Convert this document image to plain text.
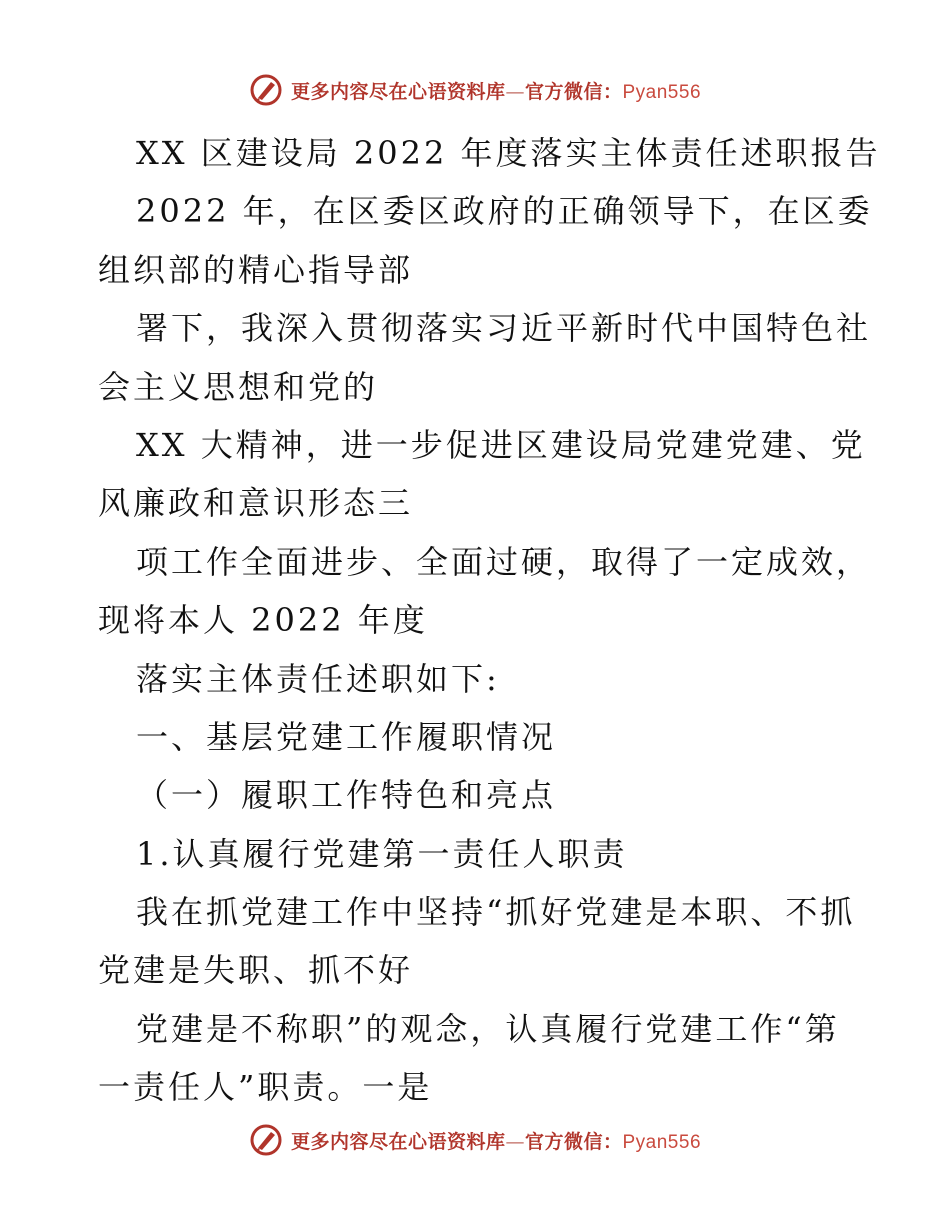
更多内容尽在心语资料库—官方微信：Pyan556
XX 区建设局 2022 年度落实主体责任述职报告
2022 年，在区委区政府的正确领导下，在区委
组织部的精心指导部
署下，我深入贯彻落实习近平新时代中国特色社
会主义思想和党的
XX 大精神，进一步促进区建设局党建党建、党
风廉政和意识形态三
项工作全面进步、全面过硬，取得了一定成效，
现将本人 2022 年度
落实主体责任述职如下:
一、基层党建工作履职情况
（一）履职工作特色和亮点
1.认真履行党建第一责任人职责
我在抓党建工作中坚持“抓好党建是本职、不抓
党建是失职、抓不好
党建是不称职”的观念，认真履行党建工作“第
一责任人”职责。一是
更多内容尽在心语资料库—官方微信：Pyan556
